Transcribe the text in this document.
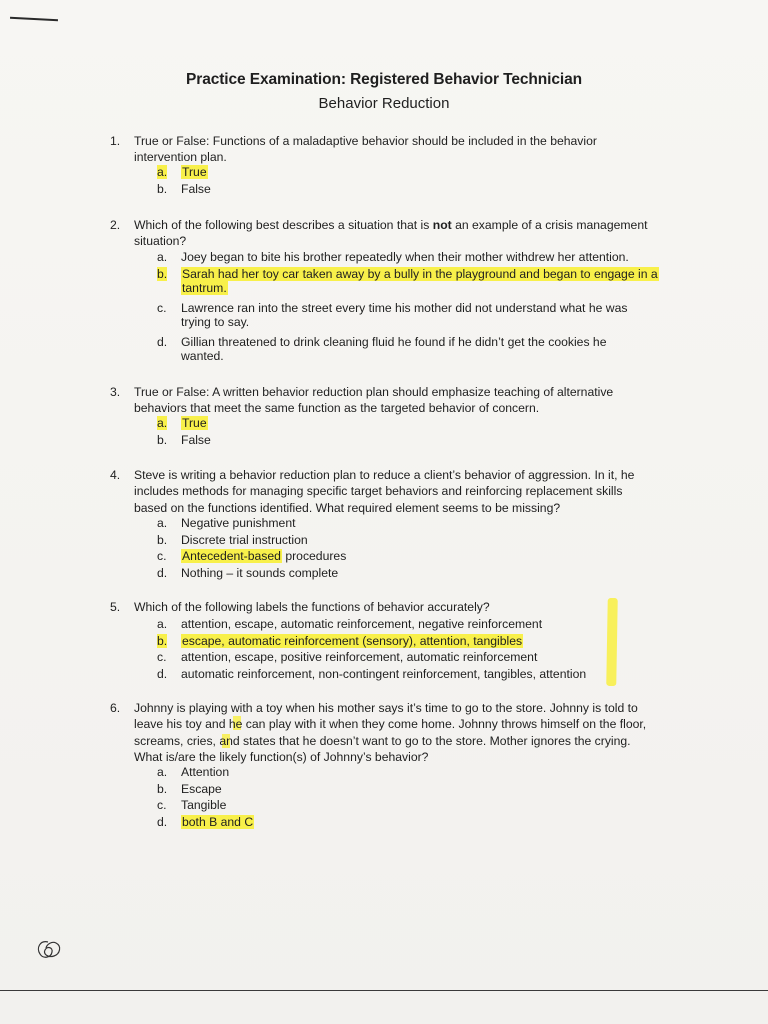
Practice Examination: Registered Behavior Technician
Behavior Reduction
1. True or False: Functions of a maladaptive behavior should be included in the behavior
intervention plan.
a. True
b. False
2. Which of the following best describes a situation that is not an example of a crisis management
situation?
a. Joey began to bite his brother repeatedly when their mother withdrew her attention.
b. Sarah had her toy car taken away by a bully in the playground and began to engage in a
tantrum.
c. Lawrence ran into the street every time his mother did not understand what he was
trying to say.
d. Gillian threatened to drink cleaning fluid he found if he didn’t get the cookies he
wanted.
3. True or False: A written behavior reduction plan should emphasize teaching of alternative
behaviors that meet the same function as the targeted behavior of concern.
a. True
b. False
4. Steve is writing a behavior reduction plan to reduce a client’s behavior of aggression. In it, he
includes methods for managing specific target behaviors and reinforcing replacement skills
based on the functions identified. What required element seems to be missing?
a. Negative punishment
b. Discrete trial instruction
c. Antecedent-based procedures
d. Nothing – it sounds complete
5. Which of the following labels the functions of behavior accurately?
a. attention, escape, automatic reinforcement, negative reinforcement
b. escape, automatic reinforcement (sensory), attention, tangibles
c. attention, escape, positive reinforcement, automatic reinforcement
d. automatic reinforcement, non-contingent reinforcement, tangibles, attention
6. Johnny is playing with a toy when his mother says it’s time to go to the store. Johnny is told to
leave his toy and he can play with it when they come home. Johnny throws himself on the floor,
screams, cries, and states that he doesn’t want to go to the store. Mother ignores the crying.
What is/are the likely function(s) of Johnny’s behavior?
a. Attention
b. Escape
c. Tangible
d. both B and C
